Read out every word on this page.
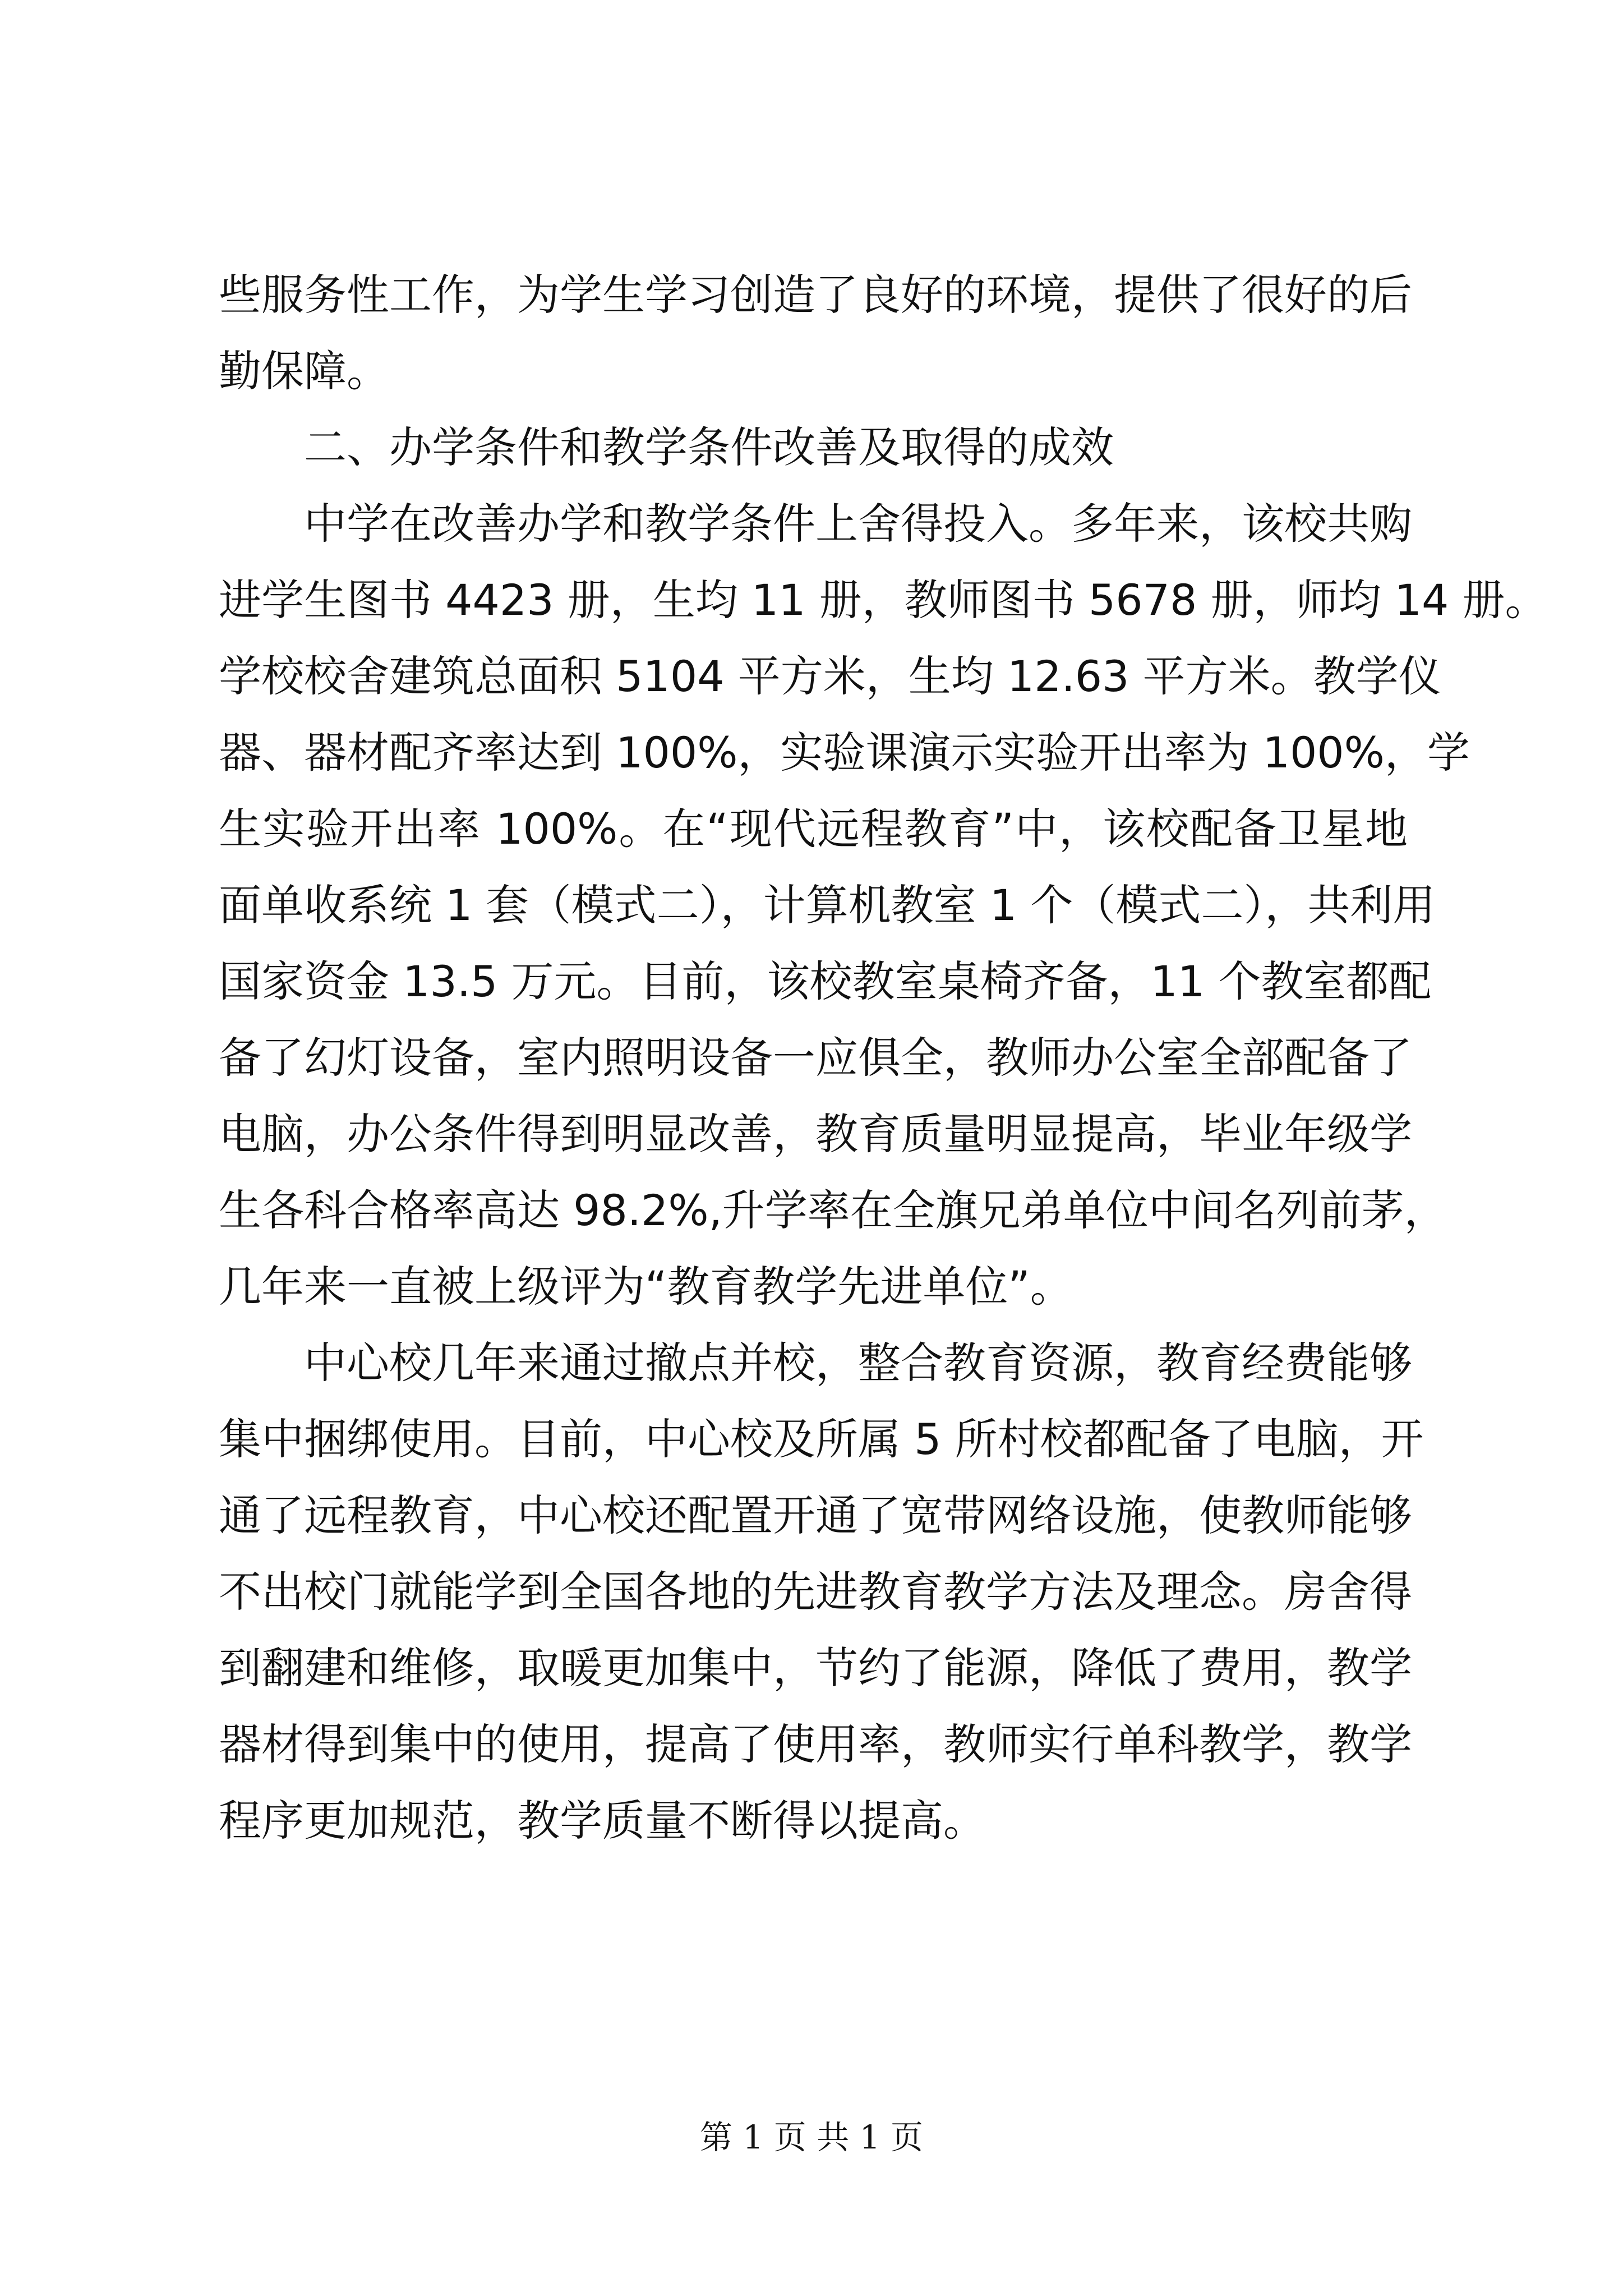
些服务性工作，为学生学习创造了良好的环境，提供了很好的后
勤保障。
二、办学条件和教学条件改善及取得的成效
中学在改善办学和教学条件上舍得投入。多年来，该校共购
进学生图书 4423 册，生均 11 册，教师图书 5678 册，师均 14 册。
学校校舍建筑总面积 5104 平方米，生均 12.63 平方米。教学仪
器、器材配齐率达到 100%，实验课演示实验开出率为 100%，学
生实验开出率 100%。在“现代远程教育”中，该校配备卫星地
面单收系统 1 套（模式二），计算机教室 1 个（模式二），共利用
国家资金 13.5 万元。目前，该校教室桌椅齐备，11 个教室都配
备了幻灯设备，室内照明设备一应俱全，教师办公室全部配备了
电脑，办公条件得到明显改善，教育质量明显提高，毕业年级学
生各科合格率高达 98.2%,升学率在全旗兄弟单位中间名列前茅，
几年来一直被上级评为“教育教学先进单位”。
中心校几年来通过撤点并校，整合教育资源，教育经费能够
集中捆绑使用。目前，中心校及所属 5 所村校都配备了电脑，开
通了远程教育，中心校还配置开通了宽带网络设施，使教师能够
不出校门就能学到全国各地的先进教育教学方法及理念。房舍得
到翻建和维修，取暖更加集中，节约了能源，降低了费用，教学
器材得到集中的使用，提高了使用率，教师实行单科教学，教学
程序更加规范，教学质量不断得以提高。
第 1 页 共 1 页
